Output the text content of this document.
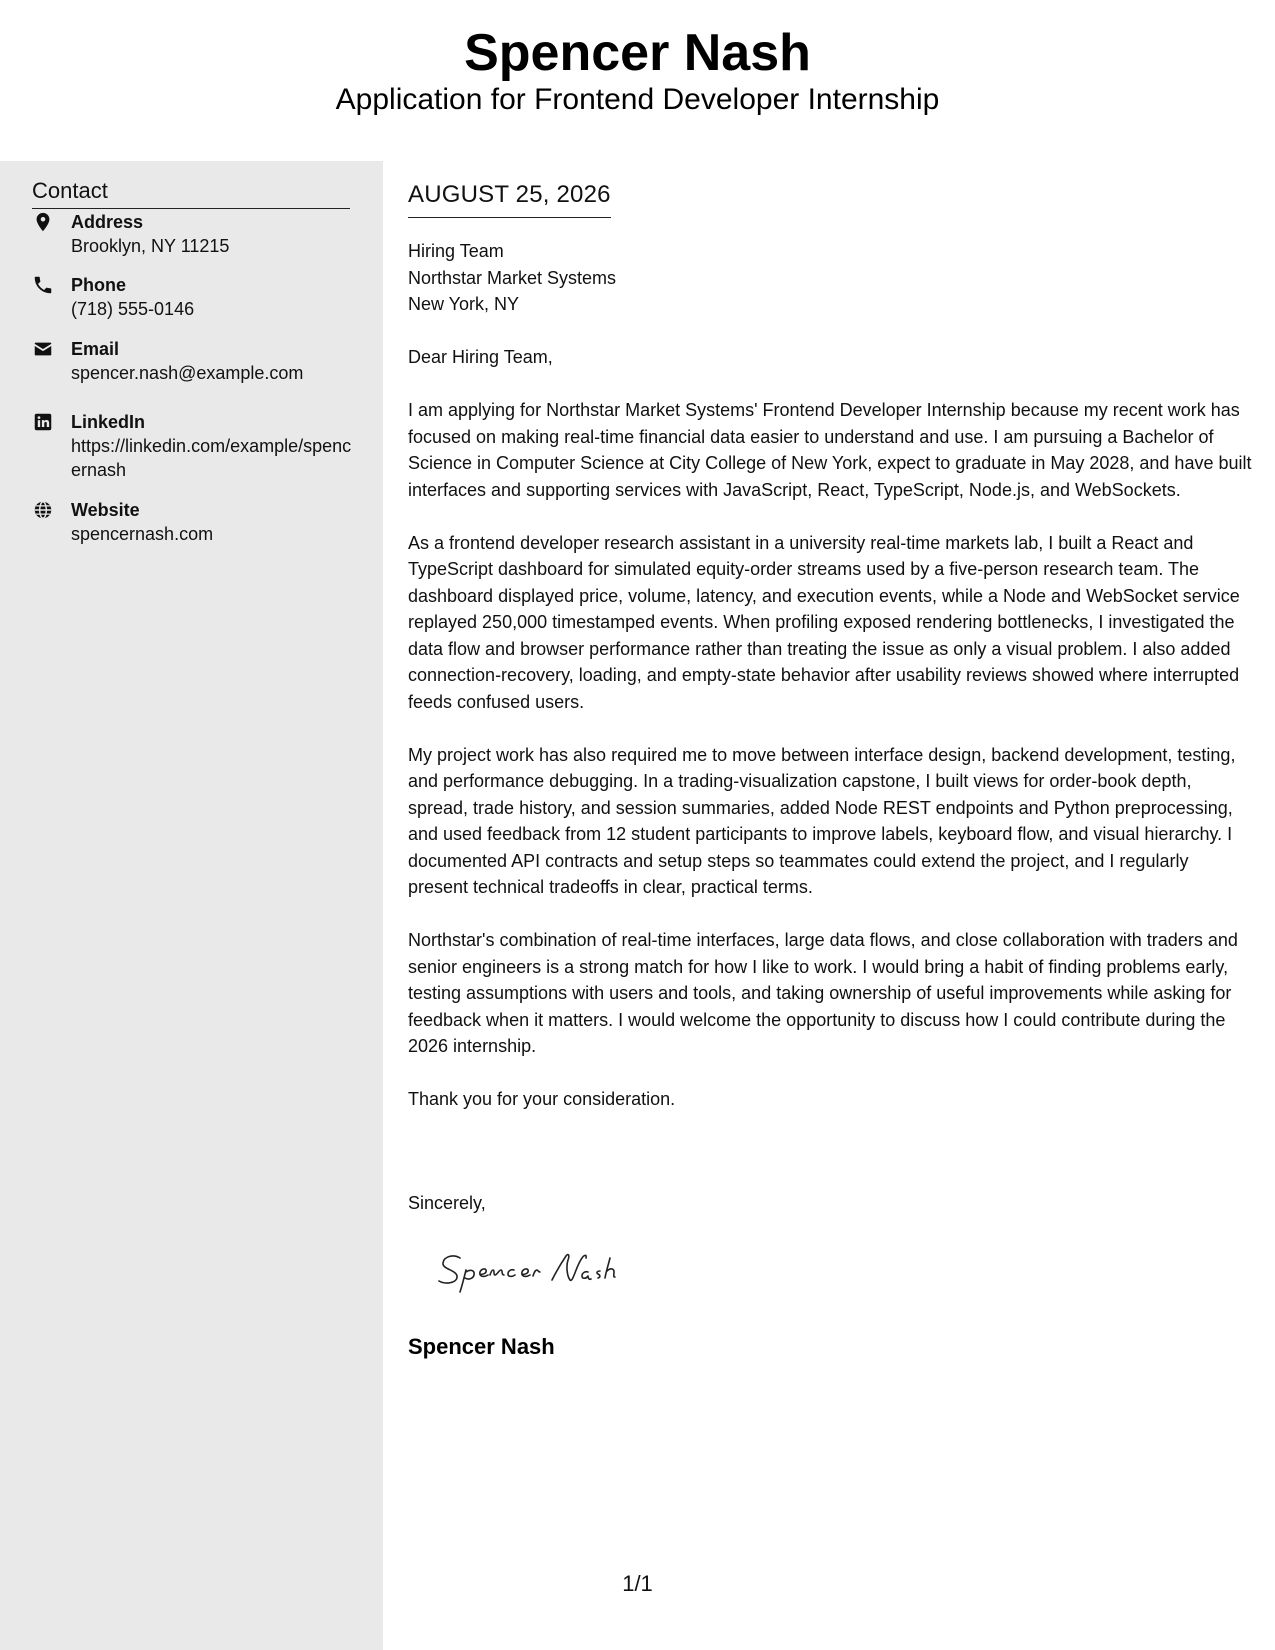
Spencer Nash
Application for Frontend Developer Internship
Contact
Address
Brooklyn, NY 11215
Phone
(718) 555-0146
Email
spencer.nash@example.com
LinkedIn
https://linkedin.com/example/spencernash
Website
spencernash.com
AUGUST 25, 2026
Hiring Team
Northstar Market Systems
New York, NY

Dear Hiring Team,

I am applying for Northstar Market Systems' Frontend Developer Internship because my recent work has focused on making real-time financial data easier to understand and use. I am pursuing a Bachelor of Science in Computer Science at City College of New York, expect to graduate in May 2028, and have built interfaces and supporting services with JavaScript, React, TypeScript, Node.js, and WebSockets.

As a frontend developer research assistant in a university real-time markets lab, I built a React and TypeScript dashboard for simulated equity-order streams used by a five-person research team. The dashboard displayed price, volume, latency, and execution events, while a Node and WebSocket service replayed 250,000 timestamped events. When profiling exposed rendering bottlenecks, I investigated the data flow and browser performance rather than treating the issue as only a visual problem. I also added connection-recovery, loading, and empty-state behavior after usability reviews showed where interrupted feeds confused users.

My project work has also required me to move between interface design, backend development, testing, and performance debugging. In a trading-visualization capstone, I built views for order-book depth, spread, trade history, and session summaries, added Node REST endpoints and Python preprocessing, and used feedback from 12 student participants to improve labels, keyboard flow, and visual hierarchy. I documented API contracts and setup steps so teammates could extend the project, and I regularly present technical tradeoffs in clear, practical terms.

Northstar's combination of real-time interfaces, large data flows, and close collaboration with traders and senior engineers is a strong match for how I like to work. I would bring a habit of finding problems early, testing assumptions with users and tools, and taking ownership of useful improvements while asking for feedback when it matters. I would welcome the opportunity to discuss how I could contribute during the 2026 internship.

Thank you for your consideration.

Sincerely,
Spencer Nash
1/1
